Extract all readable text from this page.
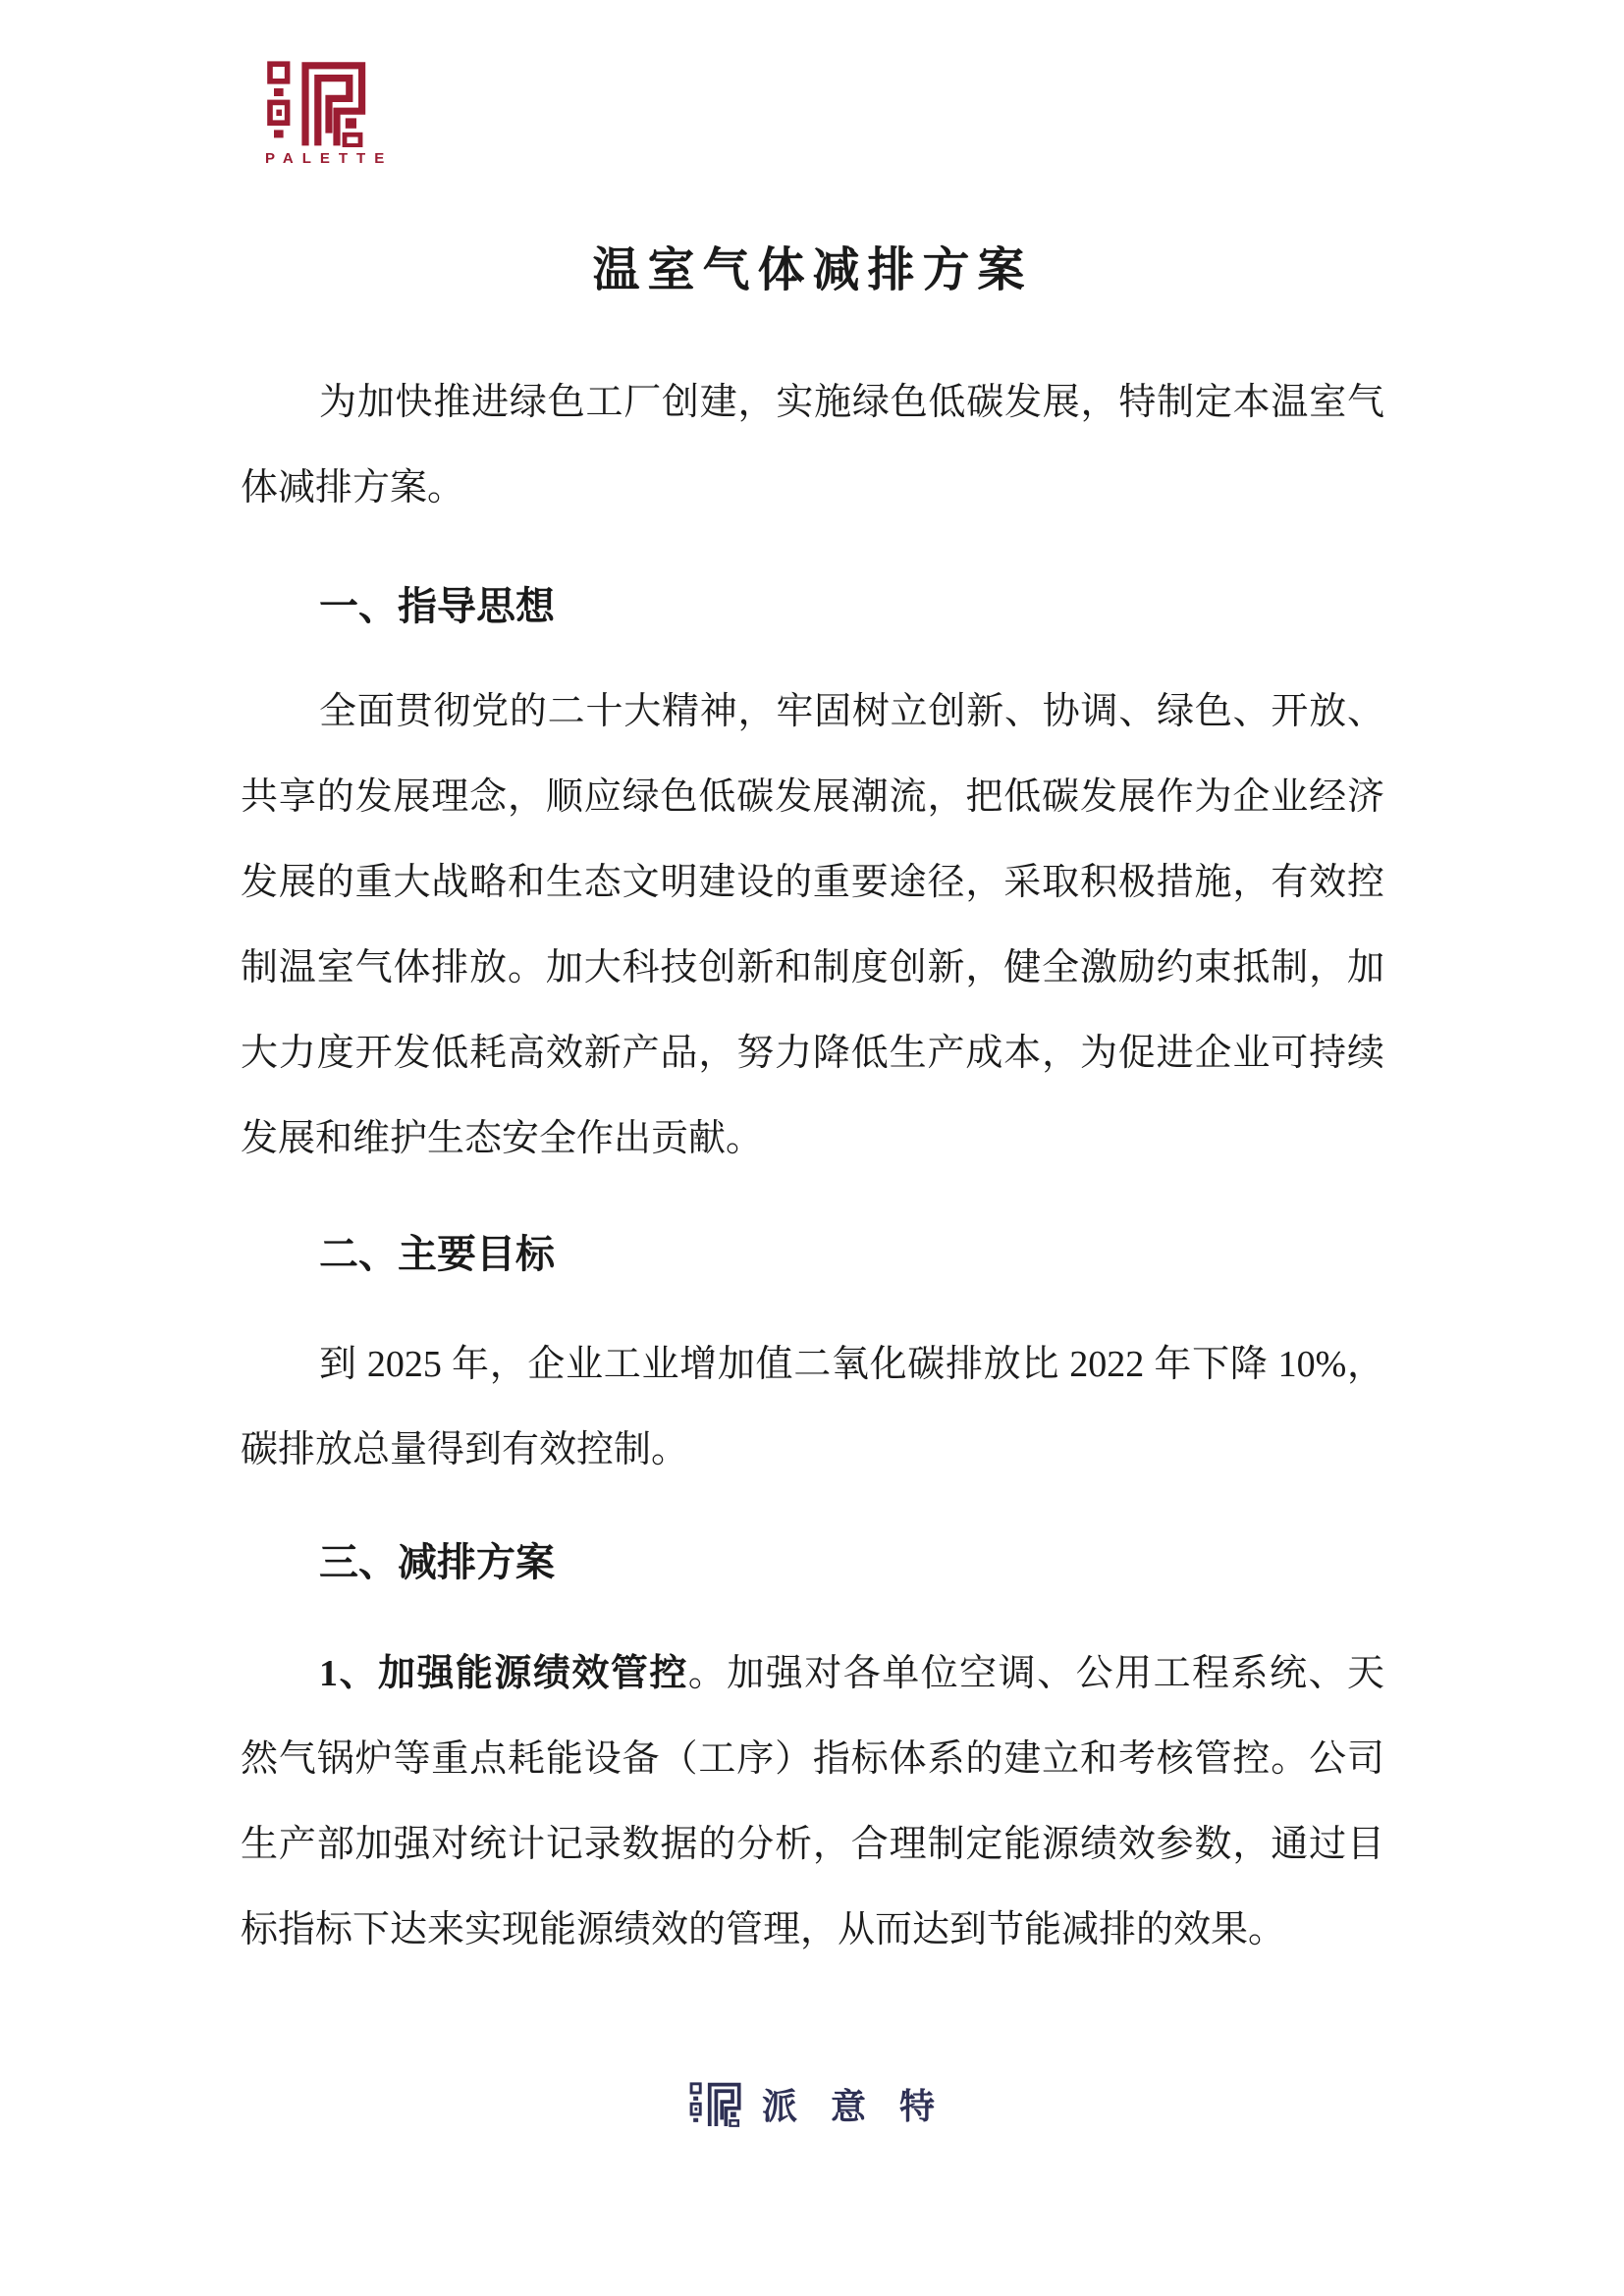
PALETTE
温室气体减排方案
为加快推进绿色工厂创建，实施绿色低碳发展，特制定本温室气
体减排方案。
一、指导思想
全面贯彻党的二十大精神，牢固树立创新、协调、绿色、开放、
共享的发展理念，顺应绿色低碳发展潮流，把低碳发展作为企业经济
发展的重大战略和生态文明建设的重要途径，采取积极措施，有效控
制温室气体排放。加大科技创新和制度创新，健全激励约束抵制，加
大力度开发低耗高效新产品，努力降低生产成本，为促进企业可持续
发展和维护生态安全作出贡献。
二、主要目标
到 2025 年，企业工业增加值二氧化碳排放比 2022 年下降 10%，
碳排放总量得到有效控制。
三、减排方案
1、加强能源绩效管控。加强对各单位空调、公用工程系统、天
然气锅炉等重点耗能设备（工序）指标体系的建立和考核管控。公司
生产部加强对统计记录数据的分析，合理制定能源绩效参数，通过目
标指标下达来实现能源绩效的管理，从而达到节能减排的效果。
派意特
